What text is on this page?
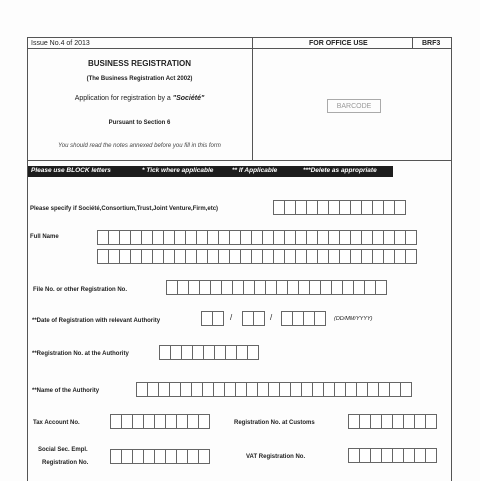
Issue No.4 of 2013	FOR OFFICE USE	BRF3
BUSINESS REGISTRATION
(The Business Registration Act 2002)
Application for registration by a "Société"
Pursuant to Section 6
You should read the notes annexed before you fill in this form
BARCODE
Please use BLOCK letters	* Tick where applicable	** If Applicable	***Delete as appropriate
Please specify if Société,Consortium,Trust,Joint Venture,Firm,etc)
Full Name
File No. or other Registration No.
**Date of Registration with relevant Authority	/	/	(DD/MM/YYYY)
**Registration No. at the Authority
**Name of the Authority
Tax Account No.	Registration No. at Customs
Social Sec. Empl.
Registration No.
VAT Registration No.
